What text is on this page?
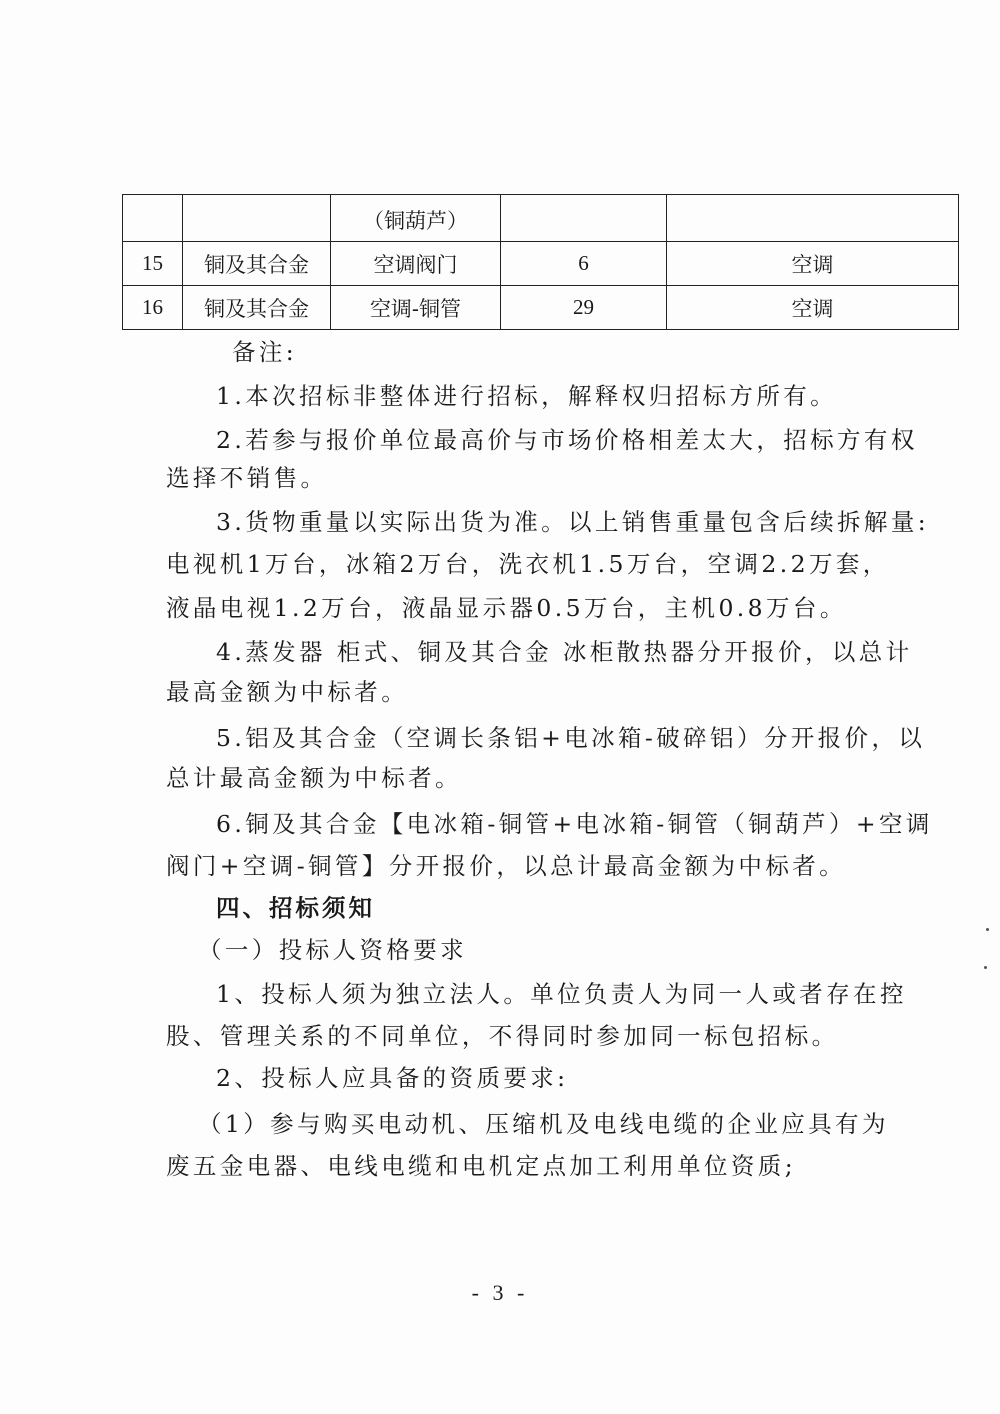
		（铜葫芦）		
15	铜及其合金	空调阀门	6	空调
16	铜及其合金	空调-铜管	29	空调

备注:

1.本次招标非整体进行招标，解释权归招标方所有。

2.若参与报价单位最高价与市场价格相差太大，招标方有权

选择不销售。

3.货物重量以实际出货为准。以上销售重量包含后续拆解量:

电视机1万台，冰箱2万台，洗衣机1.5万台，空调2.2万套，

液晶电视1.2万台，液晶显示器0.5万台，主机0.8万台。

4.蒸发器 柜式、铜及其合金 冰柜散热器分开报价，以总计

最高金额为中标者。

5.铝及其合金（空调长条铝+电冰箱-破碎铝）分开报价，以

总计最高金额为中标者。

6.铜及其合金【电冰箱-铜管+电冰箱-铜管（铜葫芦）+空调

阀门+空调-铜管】分开报价，以总计最高金额为中标者。

四、招标须知

（一）投标人资格要求

1、投标人须为独立法人。单位负责人为同一人或者存在控

股、管理关系的不同单位，不得同时参加同一标包招标。

2、投标人应具备的资质要求:

（1）参与购买电动机、压缩机及电线电缆的企业应具有为

废五金电器、电线电缆和电机定点加工利用单位资质;

- 3 -
